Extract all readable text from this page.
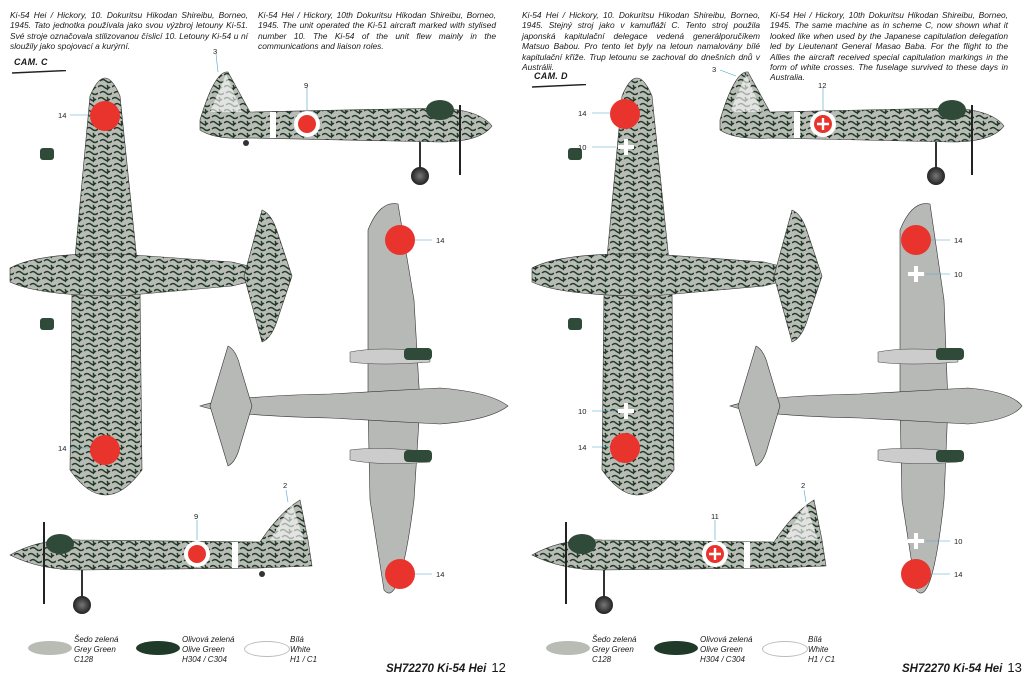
Ki-54 Hei / Hickory, 10. Dokuritsu Hikodan Shireibu, Borneo, 1945. Tato jednotka používala jako svou výzbroj letouny Ki-51. Své stroje označovala stilizovanou číslicí 10. Letouny Ki-54 u ní sloužily jako spojovací a kurýrní.

Ki-54 Hei / Hickory, 10th Dokuritsu Hikodan Shireibu, Borneo, 1945. The unit operated the Ki-51 aircraft marked with stylised number 10. The Ki-54 of the unit flew mainly in the communications and liaison roles.

CAM. C
3
9
14
14
14
14
2
9
Šedo zelená
Grey Green
C128
Olivová zelená
Olive Green
H304 / C304
Bílá
White
H1 / C1
SH72270 Ki-54 Hei 12

Ki-54 Hei / Hickory, 10. Dokuritsu Hikodan Shireibu, Borneo, 1945. Stejný stroj jako v kamufláži C. Tento stroj použila japonská kapitulační delegace vedená generálporučíkem Matsuo Babou. Pro tento let byly na letoun namalovány bílé kapitulační kříže. Trup letounu se zachoval do dnešních dnů v Austrálii.

Ki-54 Hei / Hickory, 10th Dokuritsu Hikodan Shireibu, Borneo, 1945. The same machine as in scheme C, now shown what it looked like when used by the Japanese capitulation delegation led by Lieutenant General Masao Baba. For the flight to the Allies the aircraft received special capitulation markings in the form of white crosses. The fuselage survived to these days in Australia.

CAM. D
3
12
14
10
10
14
14
10
10
14
2
11
Šedo zelená
Grey Green
C128
Olivová zelená
Olive Green
H304 / C304
Bílá
White
H1 / C1
SH72270 Ki-54 Hei 13
